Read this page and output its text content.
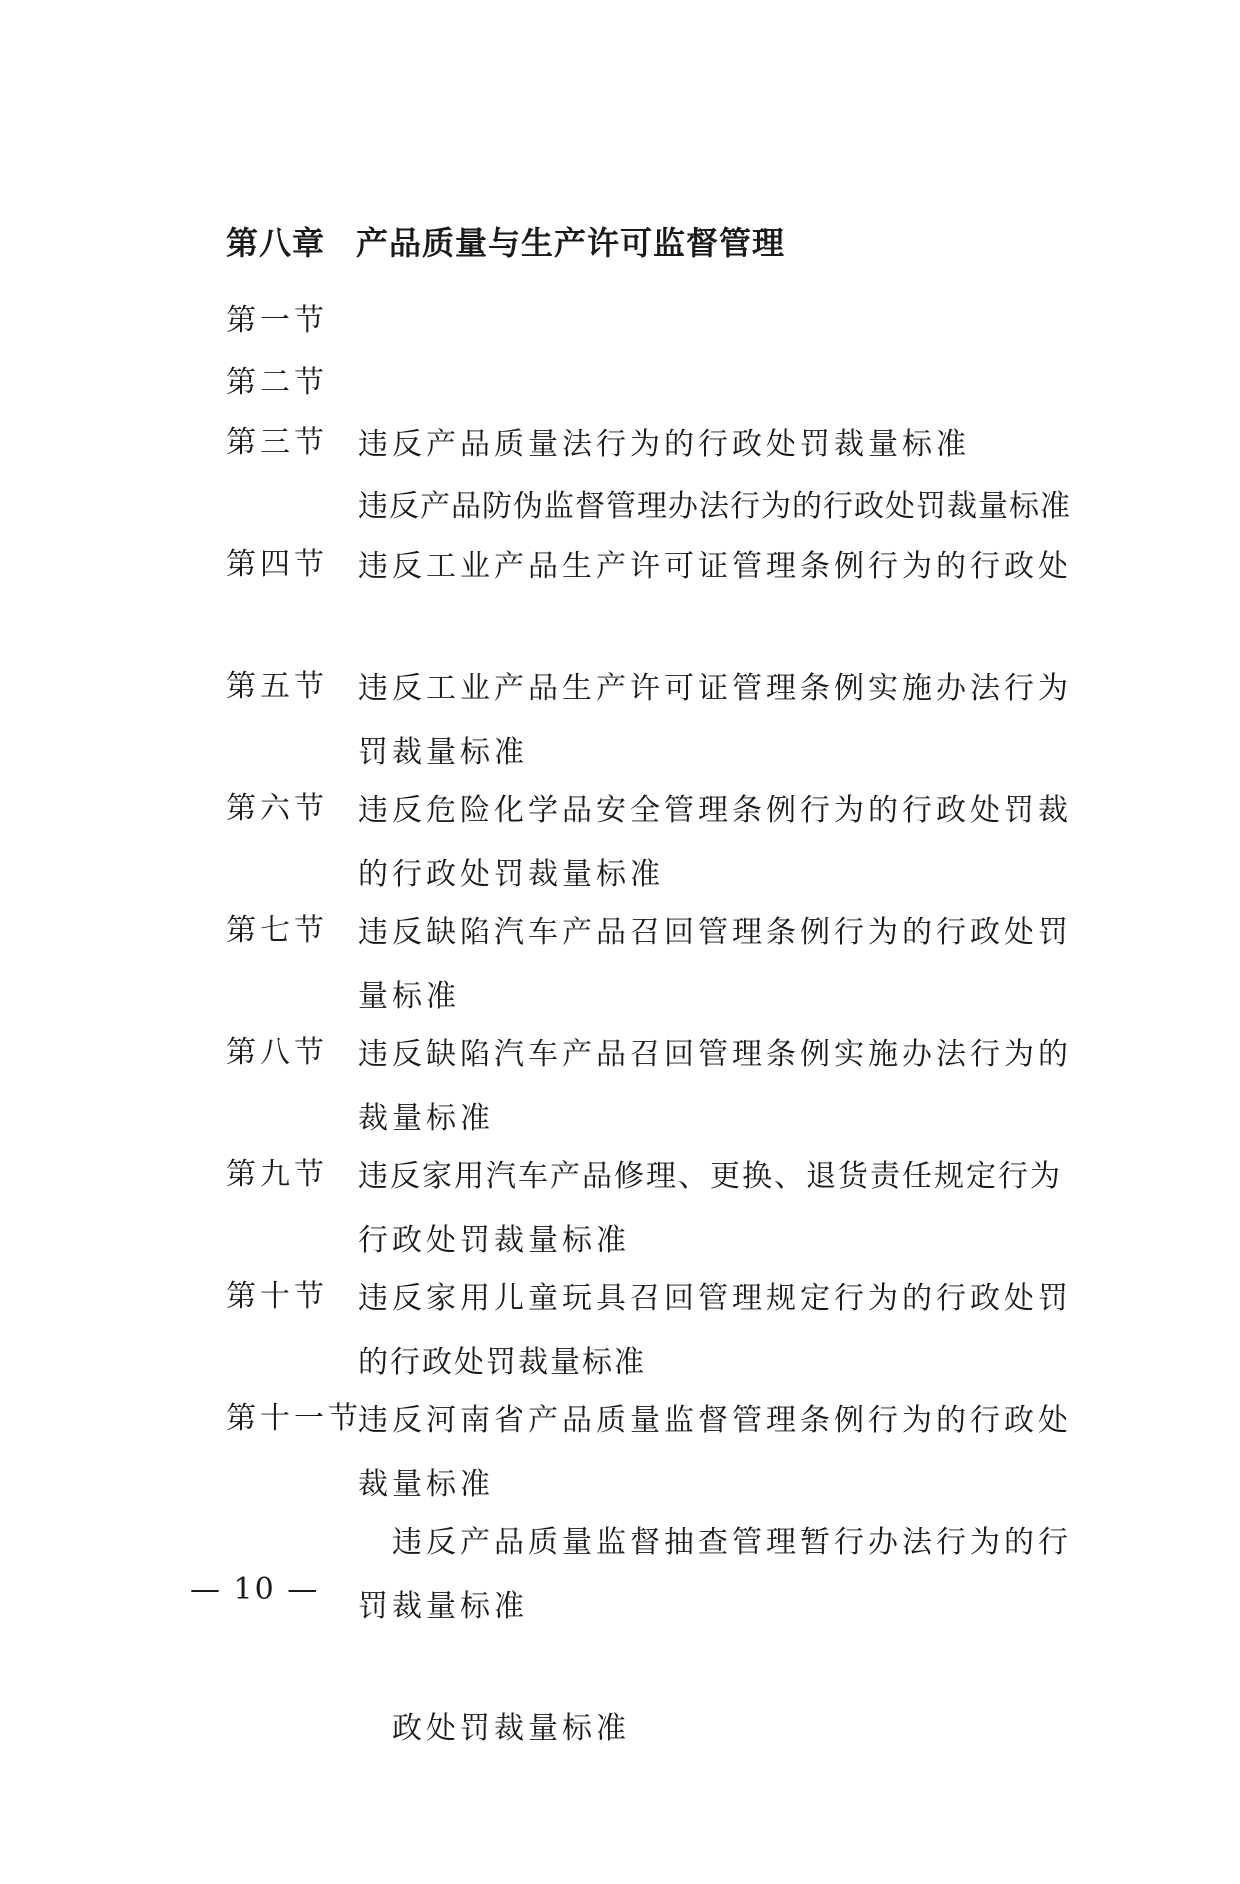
第八章 产品质量与生产许可监督管理
第一节

违反产品质量法行为的行政处罚裁量标准

第二节

违反产品防伪监督管理办法行为的行政处罚裁量标准

第三节

违反工业产品生产许可证管理条例行为的行政处

罚裁量标准

第四节

违反工业产品生产许可证管理条例实施办法行为

的行政处罚裁量标准

第五节

违反危险化学品安全管理条例行为的行政处罚裁

量标准

第六节

违反缺陷汽车产品召回管理条例行为的行政处罚

裁量标准

第七节

违反缺陷汽车产品召回管理条例实施办法行为的

行政处罚裁量标准

第八节

违反家用汽车产品修理、更换、退货责任规定行为

的行政处罚裁量标准

第九节

违反家用儿童玩具召回管理规定行为的行政处罚

裁量标准

第十节

违反河南省产品质量监督管理条例行为的行政处

罚裁量标准

第十一节

违反产品质量监督抽查管理暂行办法行为的行

政处罚裁量标准

— 10 —
